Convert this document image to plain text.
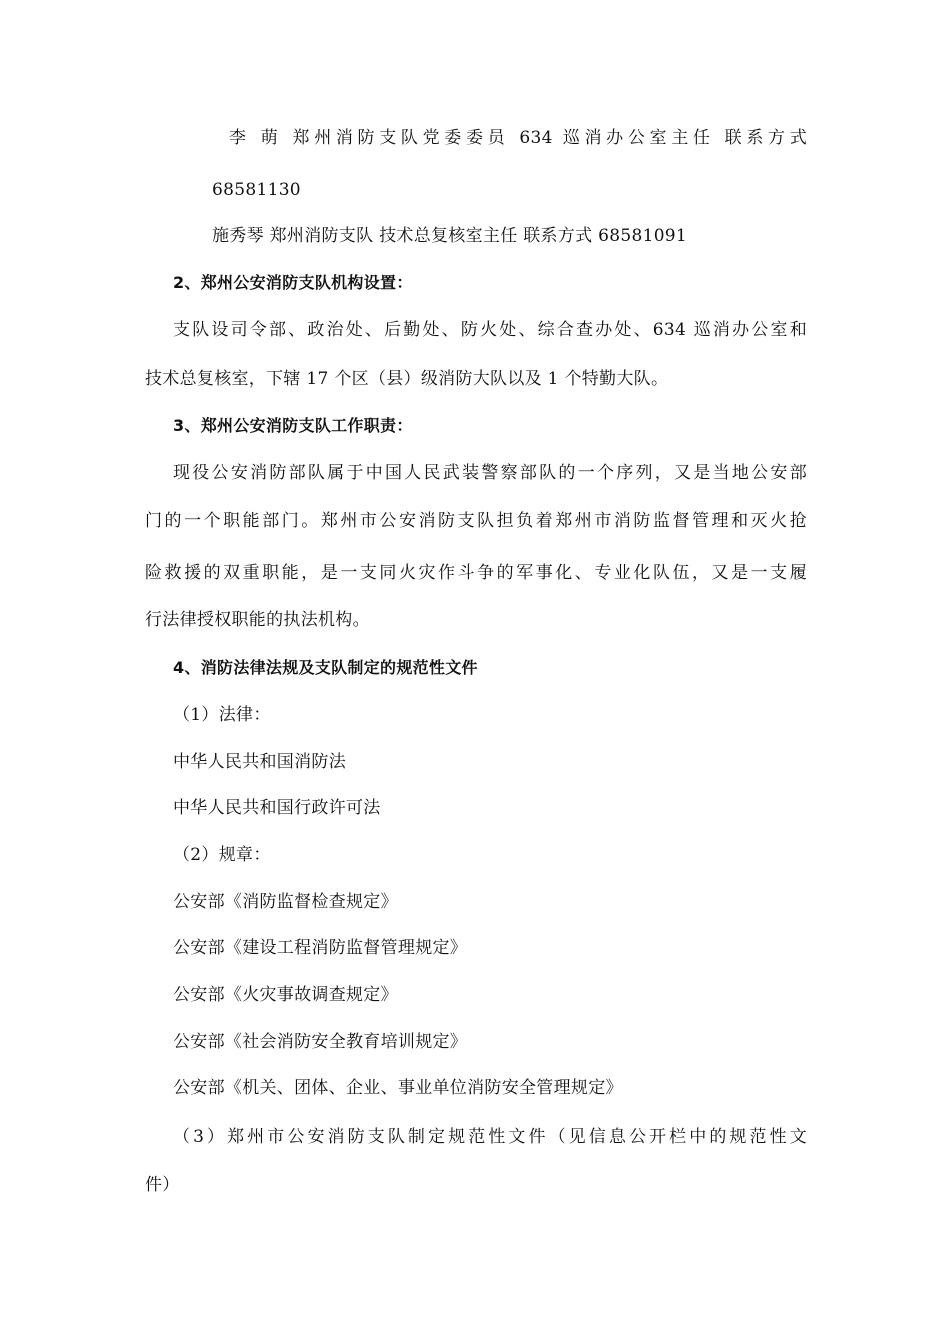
李 萌 郑州消防支队党委委员 634 巡消办公室主任 联系方式
68581130
施秀琴 郑州消防支队 技术总复核室主任 联系方式 68581091
2、郑州公安消防支队机构设置：
支队设司令部、政治处、后勤处、防火处、综合查办处、634 巡消办公室和
技术总复核室，下辖 17 个区（县）级消防大队以及 1 个特勤大队。
3、郑州公安消防支队工作职责：
现役公安消防部队属于中国人民武装警察部队的一个序列，又是当地公安部
门的一个职能部门。郑州市公安消防支队担负着郑州市消防监督管理和灭火抢
险救援的双重职能，是一支同火灾作斗争的军事化、专业化队伍，又是一支履
行法律授权职能的执法机构。
4、消防法律法规及支队制定的规范性文件
（1）法律：
中华人民共和国消防法
中华人民共和国行政许可法
（2）规章：
公安部《消防监督检查规定》
公安部《建设工程消防监督管理规定》
公安部《火灾事故调查规定》
公安部《社会消防安全教育培训规定》
公安部《机关、团体、企业、事业单位消防安全管理规定》
（3）郑州市公安消防支队制定规范性文件（见信息公开栏中的规范性文
件）
